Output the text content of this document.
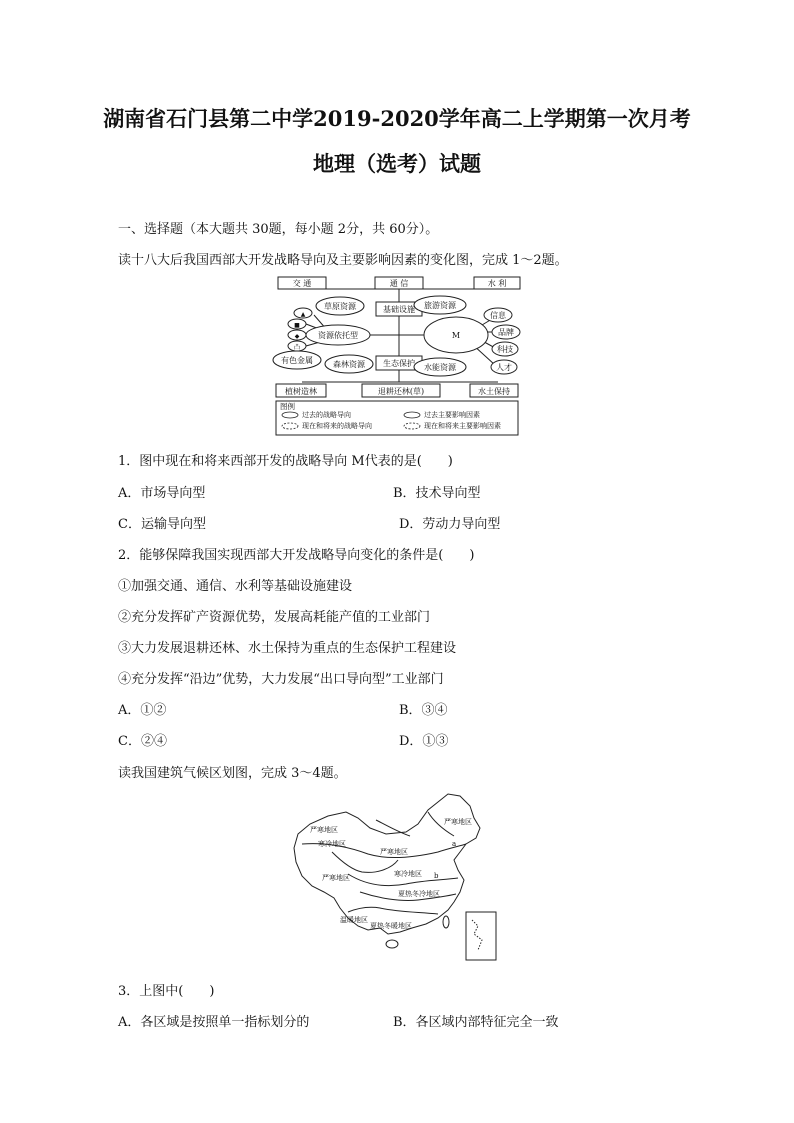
湖南省石门县第二中学2019-2020学年高二上学期第一次月考
地理（选考）试题
一、选择题（本大题共 30题，每小题 2分，共 60分）。
读十八大后我国西部大开发战略导向及主要影响因素的变化图，完成 1～2题。
交 通	通 信	水 利
基础设施
生态保护
资源依托型	M
草原资源
有色金属	森林资源
旅游资源
水能资源
信息
品牌
科技
人才
▲
■
◆
凸
植树造林	退耕还林(草)	水土保持
图例
过去的战略导向	过去主要影响因素
现在和将来的战略导向	现在和将来主要影响因素
1．图中现在和将来西部开发的战略导向 M代表的是(　　)
A．市场导向型	B．技术导向型
C．运输导向型	D．劳动力导向型
2．能够保障我国实现西部大开发战略导向变化的条件是(　　)
①加强交通、通信、水利等基础设施建设
②充分发挥矿产资源优势，发展高耗能产值的工业部门
③大力发展退耕还林、水土保持为重点的生态保护工程建设
④充分发挥“沿边”优势，大力发展“出口导向型”工业部门
A．①②	B．③④
C．②④	D．①③
读我国建筑气候区划图，完成 3～4题。
严寒地区
严寒地区
寒冷地区
严寒地区
严寒地区	寒冷地区
夏热冬冷地区
温暖地区
夏热冬暖地区
a
b
3．上图中(　　)
A．各区域是按照单一指标划分的	B．各区域内部特征完全一致
